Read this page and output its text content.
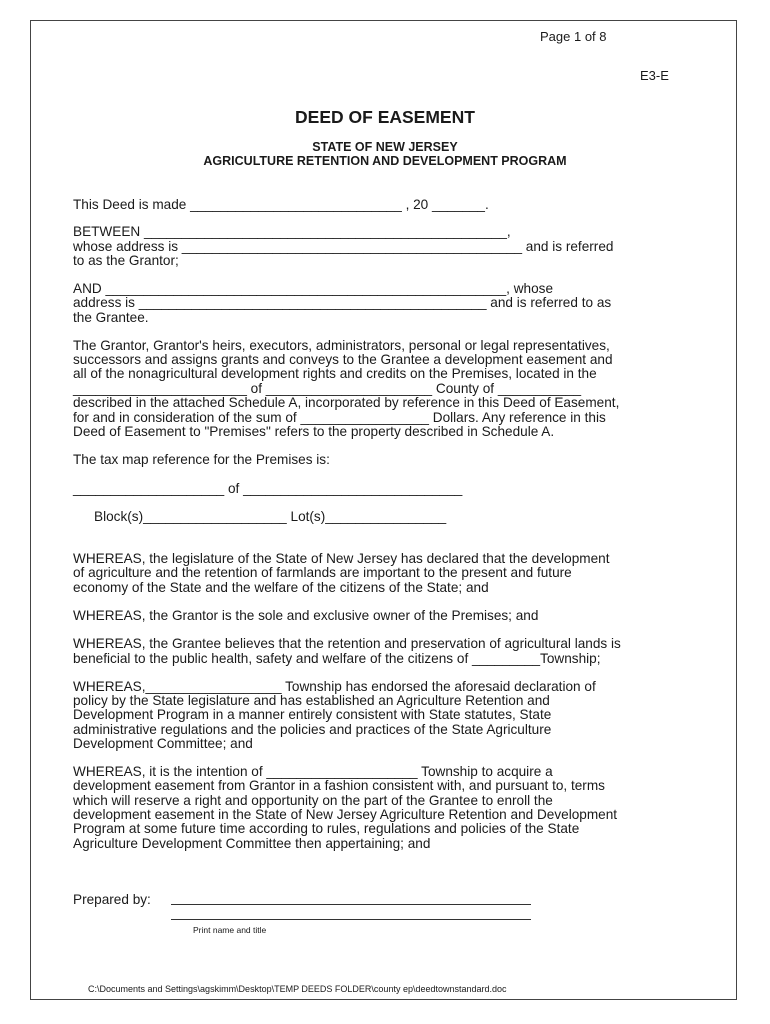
Page 1 of 8
E3-E
DEED OF EASEMENT
STATE OF NEW JERSEY
AGRICULTURE RETENTION AND DEVELOPMENT PROGRAM
This Deed is made ____________________________ , 20 _______.
BETWEEN ________________________________________________,
whose address is _____________________________________________ and is referred
to as the Grantor;
AND _____________________________________________________, whose
address is ______________________________________________ and is referred to as
the Grantee.
The Grantor, Grantor's heirs, executors, administrators, personal or legal representatives,
successors and assigns grants and conveys to the Grantee a development easement and
all of the nonagricultural development rights and credits on the Premises, located in the
_______________________ of ______________________ County of ___________
described in the attached Schedule A, incorporated by reference in this Deed of Easement,
for and in consideration of the sum of _________________ Dollars. Any reference in this
Deed of Easement to "Premises" refers to the property described in Schedule A.
The tax map reference for the Premises is:
____________________ of _____________________________
Block(s)___________________ Lot(s)________________
WHEREAS, the legislature of the State of New Jersey has declared that the development
of agriculture and the retention of farmlands are important to the present and future
economy of the State and the welfare of the citizens of the State; and
WHEREAS, the Grantor is the sole and exclusive owner of the Premises; and
WHEREAS, the Grantee believes that the retention and preservation of agricultural lands is
beneficial to the public health, safety and welfare of the citizens of _________Township;
WHEREAS,__________________ Township has endorsed the aforesaid declaration of
policy by the State legislature and has established an Agriculture Retention and
Development Program in a manner entirely consistent with State statutes, State
administrative regulations and the policies and practices of the State Agriculture
Development Committee; and
WHEREAS, it is the intention of ____________________ Township to acquire a
development easement from Grantor in a fashion consistent with, and pursuant to, terms
which will reserve a right and opportunity on the part of the Grantee to enroll the
development easement in the State of New Jersey Agriculture Retention and Development
Program at some future time according to rules, regulations and policies of the State
Agriculture Development Committee then appertaining; and
Prepared by:
Print name and title
C:\Documents and Settings\agskimm\Desktop\TEMP DEEDS FOLDER\county ep\deedtownstandard.doc
